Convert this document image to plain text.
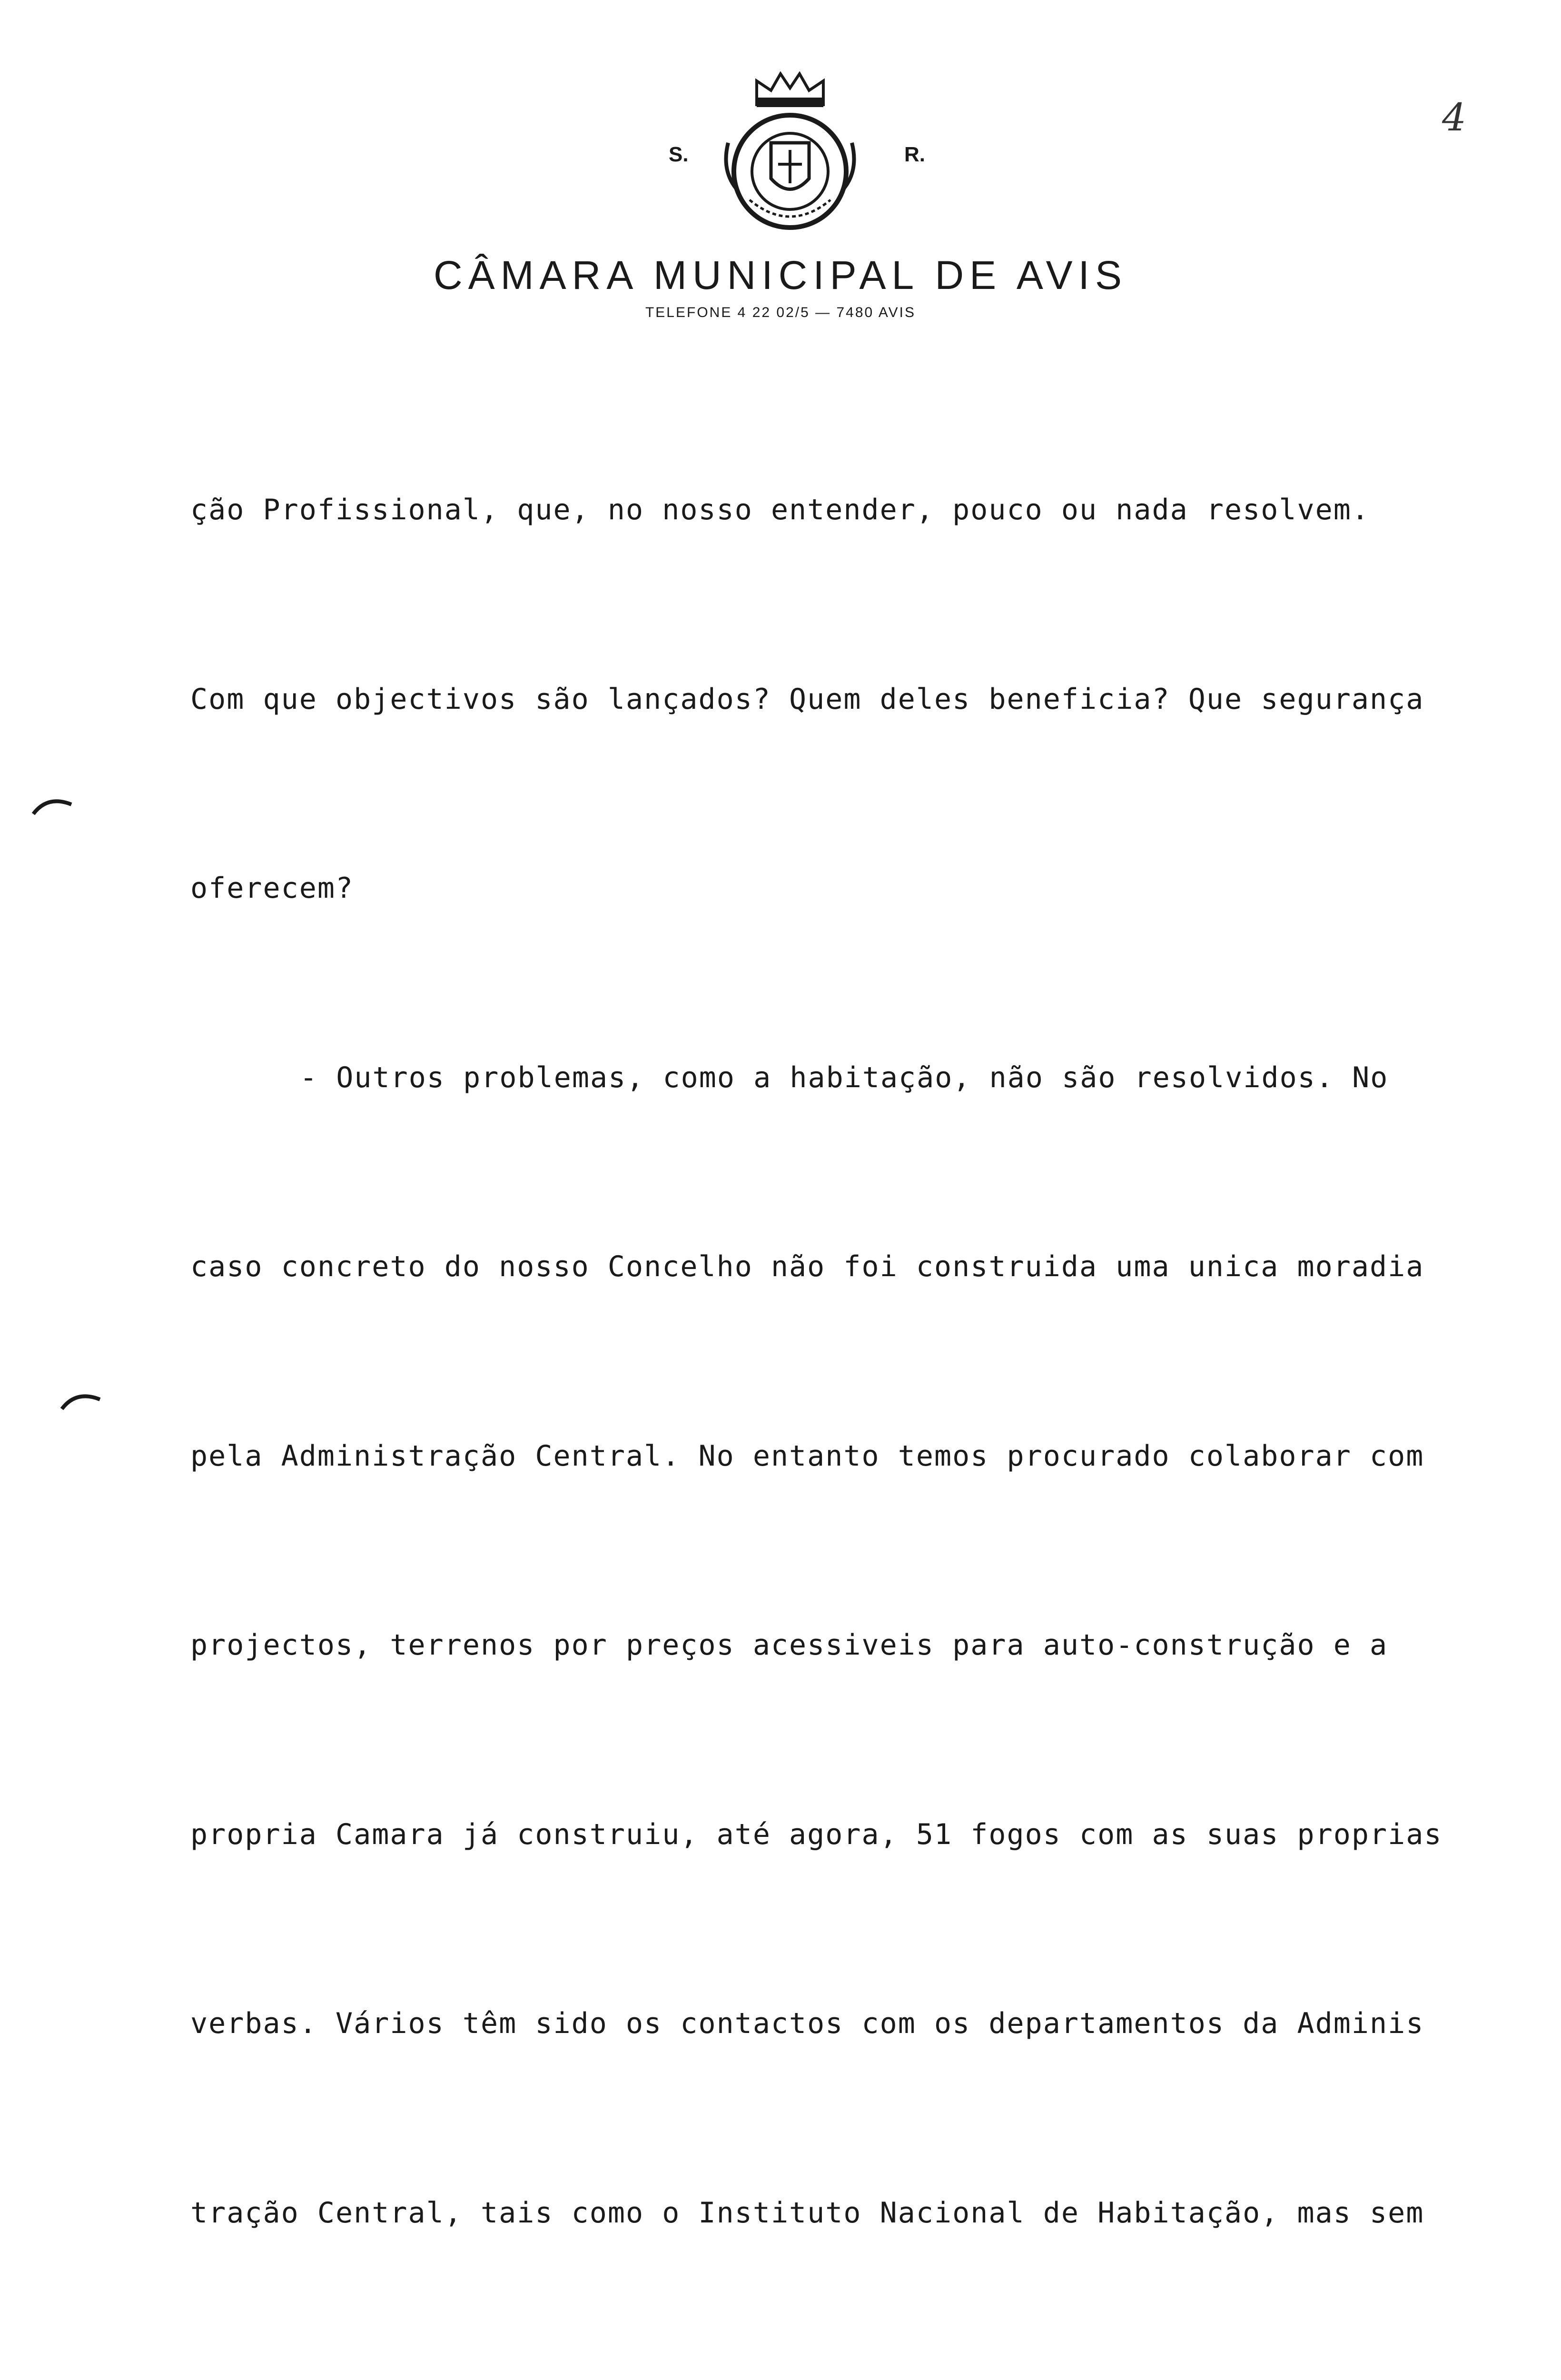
S.	R.
4
CÂMARA MUNICIPAL DE AVIS
TELEFONE 4 22 02/5 — 7480 AVIS

ção Profissional, que, no nosso entender, pouco ou nada resolvem.

Com que objectivos são lançados? Quem deles beneficia? Que segurança

oferecem?

- Outros problemas, como a habitação, não são resolvidos. No

caso concreto do nosso Concelho não foi construida uma unica moradia

pela Administração Central. No entanto temos procurado colaborar com

projectos, terrenos por preços acessiveis para auto-construção e a

propria Camara já construiu, até agora, 51 fogos com as suas proprias

verbas. Vários têm sido os contactos com os departamentos da Adminis

tração Central, tais como o Instituto Nacional de Habitação, mas sem
